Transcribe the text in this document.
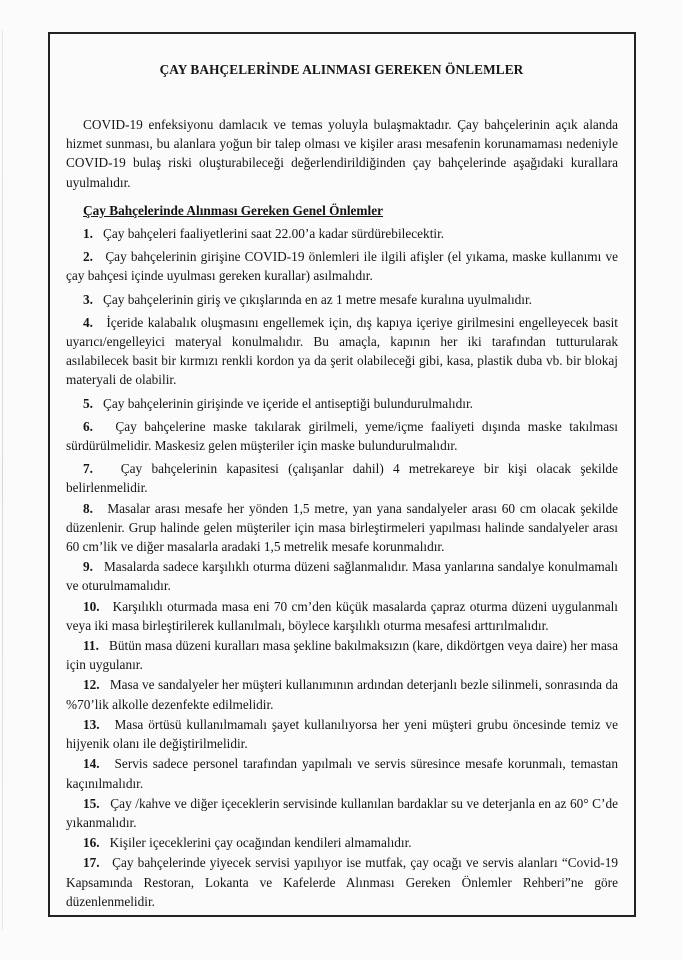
ÇAY BAHÇELERİNDE ALINMASI GEREKEN ÖNLEMLER

COVID-19 enfeksiyonu damlacık ve temas yoluyla bulaşmaktadır. Çay bahçelerinin açık alanda hizmet sunması, bu alanlara yoğun bir talep olması ve kişiler arası mesafenin korunamaması nedeniyle COVID-19 bulaş riski oluşturabileceği değerlendirildiğinden çay bahçelerinde aşağıdaki kurallara uyulmalıdır.

Çay Bahçelerinde Alınması Gereken Genel Önlemler

1. Çay bahçeleri faaliyetlerini saat 22.00’a kadar sürdürebilecektir.

2. Çay bahçelerinin girişine COVID-19 önlemleri ile ilgili afişler (el yıkama, maske kullanımı ve çay bahçesi içinde uyulması gereken kurallar) asılmalıdır.

3. Çay bahçelerinin giriş ve çıkışlarında en az 1 metre mesafe kuralına uyulmalıdır.

4. İçeride kalabalık oluşmasını engellemek için, dış kapıya içeriye girilmesini engelleyecek basit uyarıcı/engelleyici materyal konulmalıdır. Bu amaçla, kapının her iki tarafından tutturularak asılabilecek basit bir kırmızı renkli kordon ya da şerit olabileceği gibi, kasa, plastik duba vb. bir blokaj materyali de olabilir.

5. Çay bahçelerinin girişinde ve içeride el antiseptiği bulundurulmalıdır.

6. Çay bahçelerine maske takılarak girilmeli, yeme/içme faaliyeti dışında maske takılması sürdürülmelidir. Maskesiz gelen müşteriler için maske bulundurulmalıdır.

7. Çay bahçelerinin kapasitesi (çalışanlar dahil) 4 metrekareye bir kişi olacak şekilde belirlenmelidir.

8. Masalar arası mesafe her yönden 1,5 metre, yan yana sandalyeler arası 60 cm olacak şekilde düzenlenir. Grup halinde gelen müşteriler için masa birleştirmeleri yapılması halinde sandalyeler arası 60 cm’lik ve diğer masalarla aradaki 1,5 metrelik mesafe korunmalıdır.

9. Masalarda sadece karşılıklı oturma düzeni sağlanmalıdır. Masa yanlarına sandalye konulmamalı ve oturulmamalıdır.

10. Karşılıklı oturmada masa eni 70 cm’den küçük masalarda çapraz oturma düzeni uygulanmalı veya iki masa birleştirilerek kullanılmalı, böylece karşılıklı oturma mesafesi arttırılmalıdır.

11. Bütün masa düzeni kuralları masa şekline bakılmaksızın (kare, dikdörtgen veya daire) her masa için uygulanır.

12. Masa ve sandalyeler her müşteri kullanımının ardından deterjanlı bezle silinmeli, sonrasında da %70’lik alkolle dezenfekte edilmelidir.

13. Masa örtüsü kullanılmamalı şayet kullanılıyorsa her yeni müşteri grubu öncesinde temiz ve hijyenik olanı ile değiştirilmelidir.

14. Servis sadece personel tarafından yapılmalı ve servis süresince mesafe korunmalı, temastan kaçınılmalıdır.

15. Çay /kahve ve diğer içeceklerin servisinde kullanılan bardaklar su ve deterjanla en az 60° C’de yıkanmalıdır.

16. Kişiler içeceklerini çay ocağından kendileri almamalıdır.

17. Çay bahçelerinde yiyecek servisi yapılıyor ise mutfak, çay ocağı ve servis alanları “Covid-19 Kapsamında Restoran, Lokanta ve Kafelerde Alınması Gereken Önlemler Rehberi”ne göre düzenlenmelidir.
